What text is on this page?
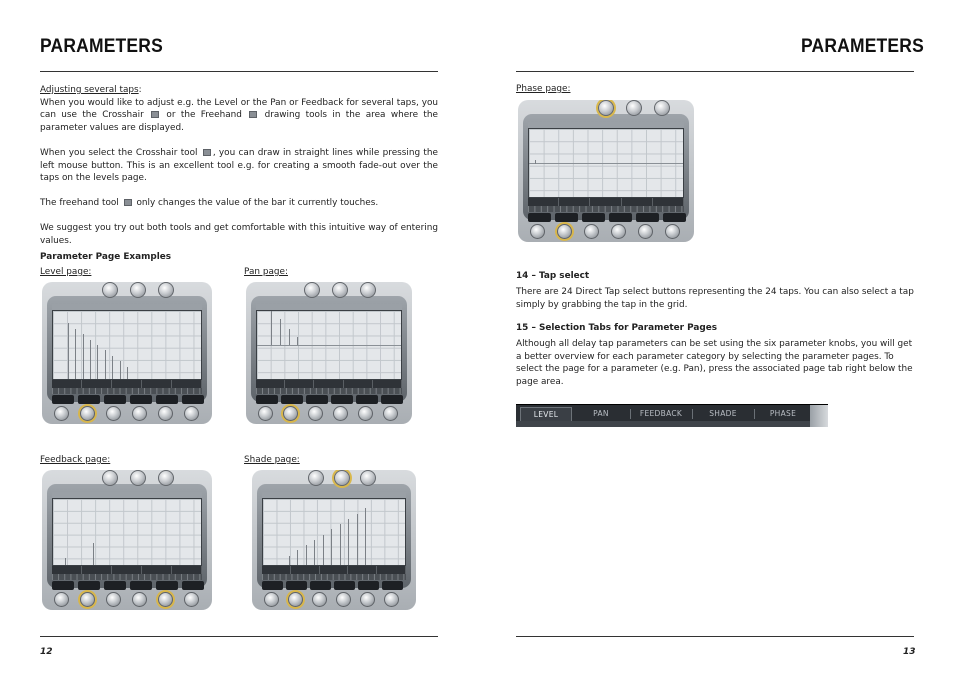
PARAMETERS
Adjusting several taps:
When you would like to adjust e.g. the Level or the Pan or Feedback for several taps, you can use the Crosshair	or the Freehand	drawing tools in the area where the parameter values are displayed.
When you select the Crosshair tool , you can draw in straight lines while pressing the left mouse button. This is an excellent tool e.g. for creating a smooth fade-out over the taps on the levels page.
The freehand tool only changes the value of the bar it currently touches.
We suggest you try out both tools and get comfortable with this intuitive way of entering values.
Parameter Page Examples
Level page:	Pan page:
Feedback page:	Shade page:
12
PARAMETERS
Phase page:
14 – Tap select
There are 24 Direct Tap select buttons representing the 24 taps. You can also select a tap simply by grabbing the tap in the grid.
15 – Selection Tabs for Parameter Pages
Although all delay tap parameters can be set using the six parameter knobs, you will get a better overview for each parameter category by selecting the parameter pages. To select the page for a parameter (e.g. Pan), press the associated page tab right below the page area.
LEVEL	PAN	FEEDBACK	SHADE	PHASE
13
